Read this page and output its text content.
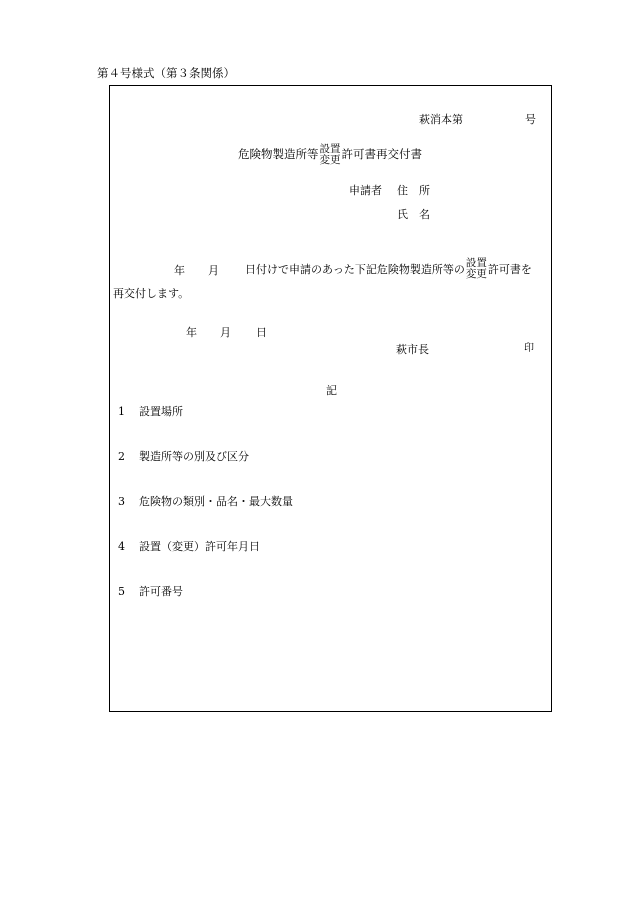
第４号様式（第３条関係）
萩消本第	号
危険物製造所等 設置
変更 許可書再交付書
申請者 住　所
氏　名
年 月 日付けで申請のあった下記危険物製造所等の 設置
変更 許可書を
再交付します。
年 月 日
萩市長	印
記
1 設置場所
2 製造所等の別及び区分
3 危険物の類別・品名・最大数量
4 設置（変更）許可年月日
5 許可番号
